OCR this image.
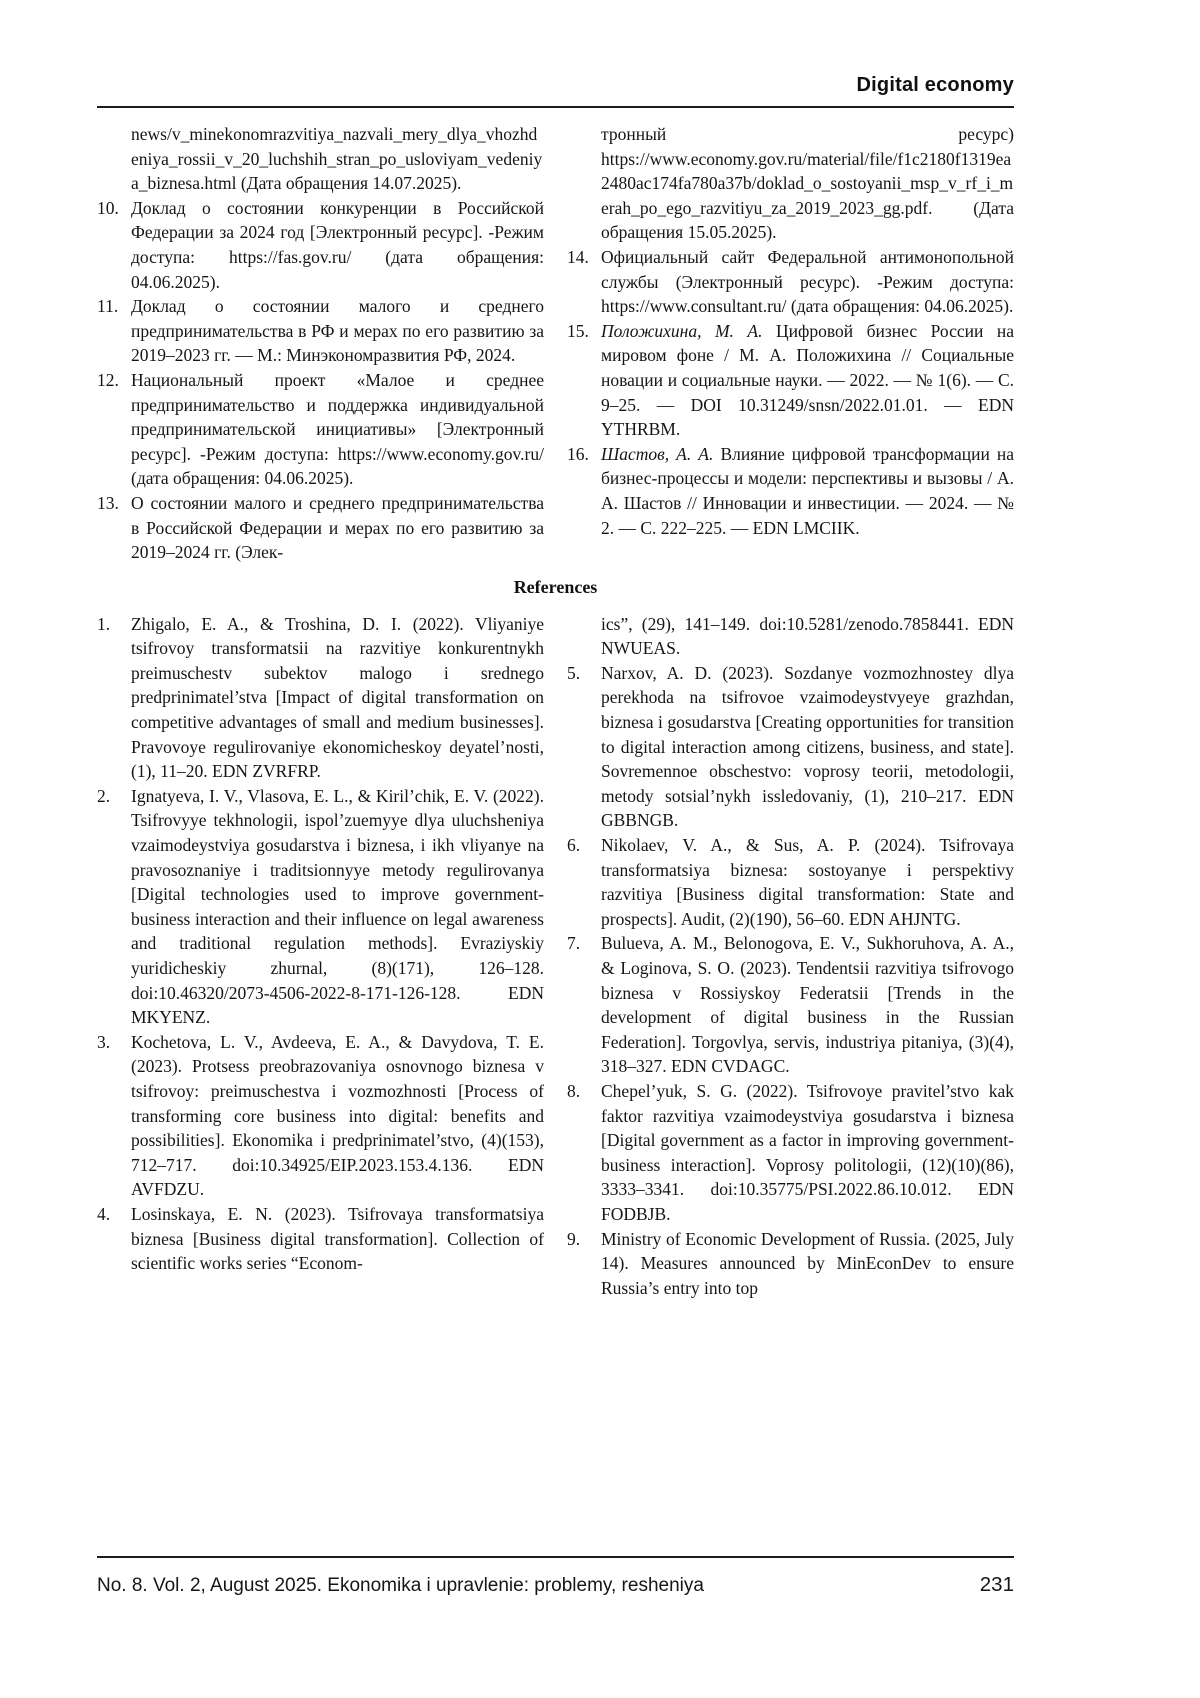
Digital economy
news/v_minekonomrazvitiya_nazvali_mery_dlya_vhozhdeniya_rossii_v_20_luchshih_stran_po_usloviyam_vedeniya_biznesa.html (Дата обращения 14.07.2025).
10. Доклад о состоянии конкуренции в Российской Федерации за 2024 год [Электронный ресурс]. -Режим доступа: https://fas.gov.ru/ (дата обращения: 04.06.2025).
11. Доклад о состоянии малого и среднего предпринимательства в РФ и мерах по его развитию за 2019–2023 гг. — М.: Минэкономразвития РФ, 2024.
12. Национальный проект «Малое и среднее предпринимательство и поддержка индивидуальной предпринимательской инициативы» [Электронный ресурс]. -Режим доступа: https://www.economy.gov.ru/ (дата обращения: 04.06.2025).
13. О состоянии малого и среднего предпринимательства в Российской Федерации и мерах по его развитию за 2019–2024 гг. (Элек-
тронный ресурс) https://www.economy.gov.ru/material/file/f1c2180f1319ea2480ac174fa780a37b/doklad_o_sostoyanii_msp_v_rf_i_merah_po_ego_razvitiyu_za_2019_2023_gg.pdf. (Дата обращения 15.05.2025).
14. Официальный сайт Федеральной антимонопольной службы (Электронный ресурс). -Режим доступа: https://www.consultant.ru/ (дата обращения: 04.06.2025).
15. Положихина, М. А. Цифровой бизнес России на мировом фоне / М. А. Положихина // Социальные новации и социальные науки. — 2022. — № 1(6). — С. 9–25. — DOI 10.31249/snsn/2022.01.01. — EDN YTHRBM.
16. Шастов, А. А. Влияние цифровой трансформации на бизнес-процессы и модели: перспективы и вызовы / А. А. Шастов // Инновации и инвестиции. — 2024. — № 2. — С. 222–225. — EDN LMCIIK.
References
1. Zhigalo, E. A., & Troshina, D. I. (2022). Vliyaniye tsifrovoy transformatsii na razvitiye konkurentnykh preimuschestv subektov malogo i srednego predprinimatel’stva [Impact of digital transformation on competitive advantages of small and medium businesses]. Pravovoye regulirovaniye ekonomicheskoy deyatel’nosti, (1), 11–20. EDN ZVRFRP.
2. Ignatyeva, I. V., Vlasova, E. L., & Kiril’chik, E. V. (2022). Tsifrovyye tekhnologii, ispol’zuemyye dlya uluchsheniya vzaimodeystviya gosudarstva i biznesa, i ikh vliyanye na pravosoznaniye i traditsionnyye metody regulirovanya [Digital technologies used to improve government-business interaction and their influence on legal awareness and traditional regulation methods]. Evraziyskiy yuridicheskiy zhurnal, (8)(171), 126–128. doi:10.46320/2073-4506-2022-8-171-126-128. EDN MKYENZ.
3. Kochetova, L. V., Avdeeva, E. A., & Davydova, T. E. (2023). Protsess preobrazovaniya osnovnogo biznesa v tsifrovoy: preimuschestva i vozmozhnosti [Process of transforming core business into digital: benefits and possibilities]. Ekonomika i predprinimatel’stvo, (4)(153), 712–717. doi:10.34925/EIP.2023.153.4.136. EDN AVFDZU.
4. Losinskaya, E. N. (2023). Tsifrovaya transformatsiya biznesa [Business digital transformation]. Collection of scientific works series “Econom-
ics”, (29), 141–149. doi:10.5281/zenodo.7858441. EDN NWUEAS.
5. Narxov, A. D. (2023). Sozdanye vozmozhnostey dlya perekhoda na tsifrovoe vzaimodeystvyeye grazhdan, biznesa i gosudarstva [Creating opportunities for transition to digital interaction among citizens, business, and state]. Sovremennoe obschestvo: voprosy teorii, metodologii, metody sotsial’nykh issledovaniy, (1), 210–217. EDN GBBNGB.
6. Nikolaev, V. A., & Sus, A. P. (2024). Tsifrovaya transformatsiya biznesa: sostoyanye i perspektivy razvitiya [Business digital transformation: State and prospects]. Audit, (2)(190), 56–60. EDN AHJNTG.
7. Bulueva, A. M., Belonogova, E. V., Sukhoruhova, A. A., & Loginova, S. O. (2023). Tendentsii razvitiya tsifrovogo biznesa v Rossiyskoy Federatsii [Trends in the development of digital business in the Russian Federation]. Torgovlya, servis, industriya pitaniya, (3)(4), 318–327. EDN CVDAGC.
8. Chepel’yuk, S. G. (2022). Tsifrovoye pravitel’stvo kak faktor razvitiya vzaimodeystviya gosudarstva i biznesa [Digital government as a factor in improving government-business interaction]. Voprosy politologii, (12)(10)(86), 3333–3341. doi:10.35775/PSI.2022.86.10.012. EDN FODBJB.
9. Ministry of Economic Development of Russia. (2025, July 14). Measures announced by MinEconDev to ensure Russia’s entry into top
No. 8. Vol. 2, August 2025. Ekonomika i upravlenie: problemy, resheniya	231
